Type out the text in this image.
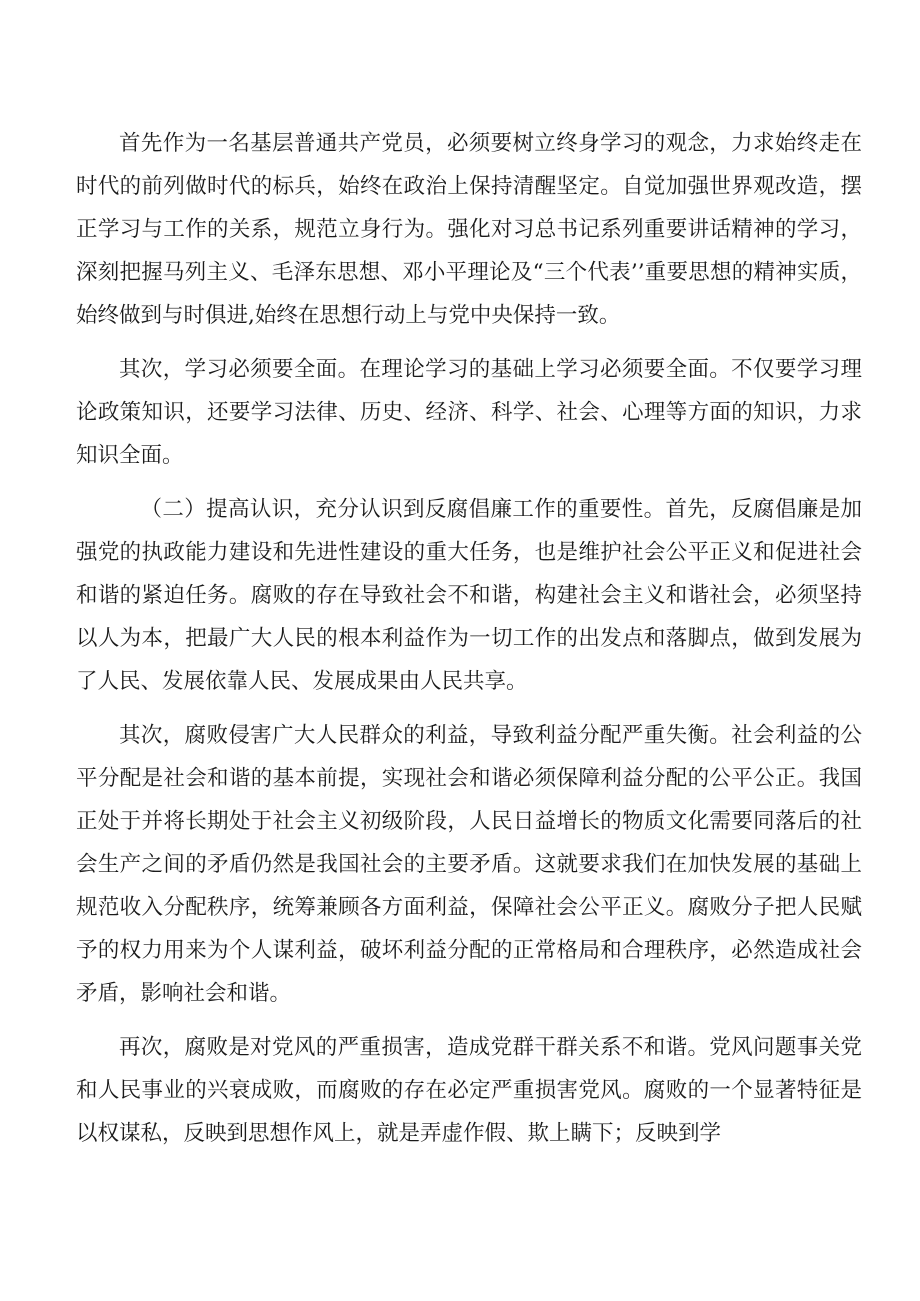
首先作为一名基层普通共产党员，必须要树立终身学习的观念，力求始终走在时代的前列做时代的标兵，始终在政治上保持清醒坚定。自觉加强世界观改造，摆正学习与工作的关系，规范立身行为。强化对习总书记系列重要讲话精神的学习，深刻把握马列主义、毛泽东思想、邓小平理论及“三个代表’’重要思想的精神实质，始终做到与时俱进,始终在思想行动上与党中央保持一致。

其次，学习必须要全面。在理论学习的基础上学习必须要全面。不仅要学习理论政策知识，还要学习法律、历史、经济、科学、社会、心理等方面的知识，力求知识全面。

（二）提高认识，充分认识到反腐倡廉工作的重要性。首先，反腐倡廉是加强党的执政能力建设和先进性建设的重大任务，也是维护社会公平正义和促进社会和谐的紧迫任务。腐败的存在导致社会不和谐，构建社会主义和谐社会，必须坚持以人为本，把最广大人民的根本利益作为一切工作的出发点和落脚点，做到发展为了人民、发展依靠人民、发展成果由人民共享。

其次，腐败侵害广大人民群众的利益，导致利益分配严重失衡。社会利益的公平分配是社会和谐的基本前提，实现社会和谐必须保障利益分配的公平公正。我国正处于并将长期处于社会主义初级阶段，人民日益增长的物质文化需要同落后的社会生产之间的矛盾仍然是我国社会的主要矛盾。这就要求我们在加快发展的基础上规范收入分配秩序，统筹兼顾各方面利益，保障社会公平正义。腐败分子把人民赋予的权力用来为个人谋利益，破坏利益分配的正常格局和合理秩序，必然造成社会矛盾，影响社会和谐。

再次，腐败是对党风的严重损害，造成党群干群关系不和谐。党风问题事关党和人民事业的兴衰成败，而腐败的存在必定严重损害党风。腐败的一个显著特征是以权谋私，反映到思想作风上，就是弄虚作假、欺上瞒下；反映到学
